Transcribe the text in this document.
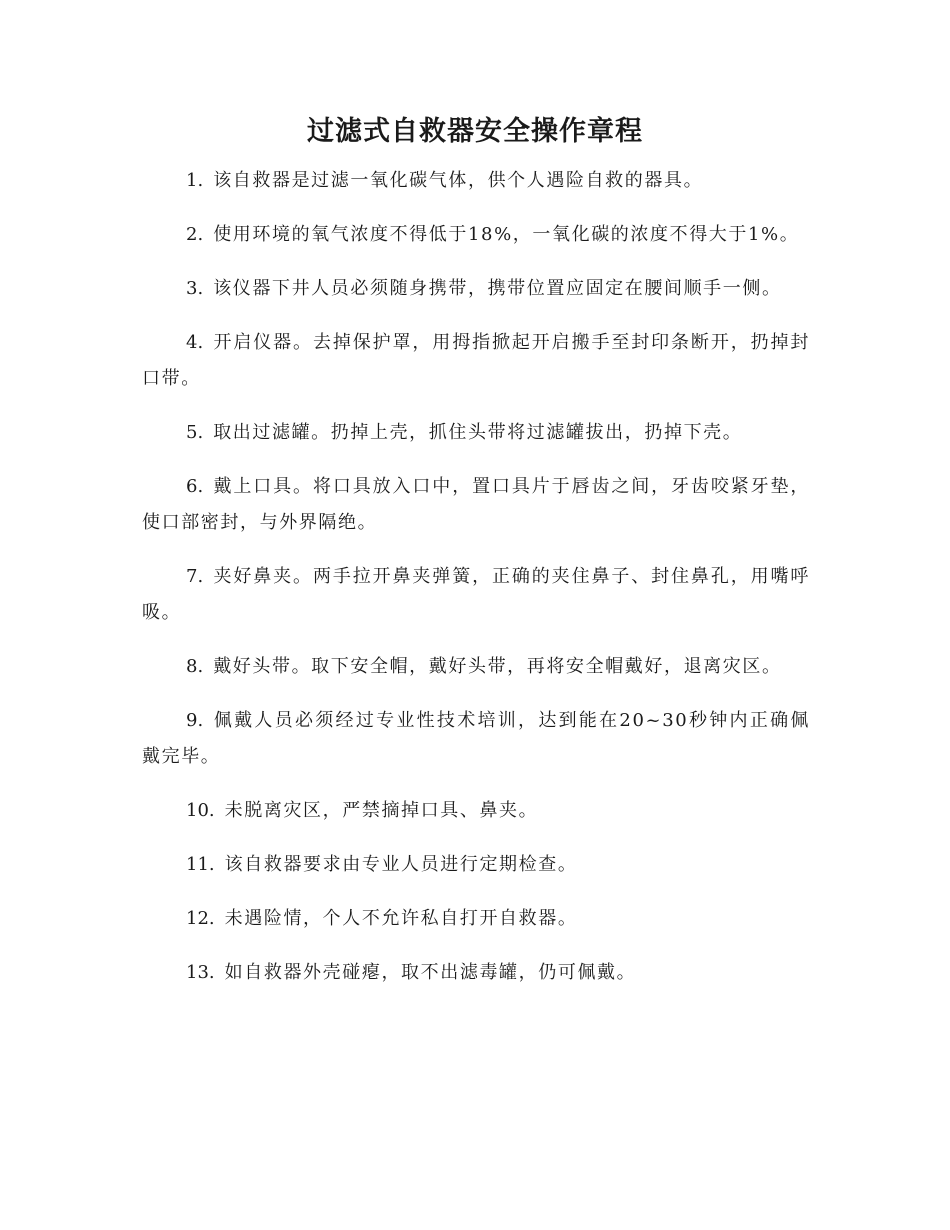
过滤式自救器安全操作章程
1. 该自救器是过滤一氧化碳气体，供个人遇险自救的器具。
2. 使用环境的氧气浓度不得低于18%，一氧化碳的浓度不得大于1%。
3. 该仪器下井人员必须随身携带，携带位置应固定在腰间顺手一侧。
4. 开启仪器。去掉保护罩，用拇指掀起开启搬手至封印条断开，扔掉封口带。
5. 取出过滤罐。扔掉上壳，抓住头带将过滤罐拔出，扔掉下壳。
6. 戴上口具。将口具放入口中，置口具片于唇齿之间，牙齿咬紧牙垫，使口部密封，与外界隔绝。
7. 夹好鼻夹。两手拉开鼻夹弹簧，正确的夹住鼻子、封住鼻孔，用嘴呼吸。
8. 戴好头带。取下安全帽，戴好头带，再将安全帽戴好，退离灾区。
9. 佩戴人员必须经过专业性技术培训，达到能在20~30秒钟内正确佩戴完毕。
10. 未脱离灾区，严禁摘掉口具、鼻夹。
11. 该自救器要求由专业人员进行定期检查。
12. 未遇险情，个人不允许私自打开自救器。
13. 如自救器外壳碰瘪，取不出滤毒罐，仍可佩戴。
